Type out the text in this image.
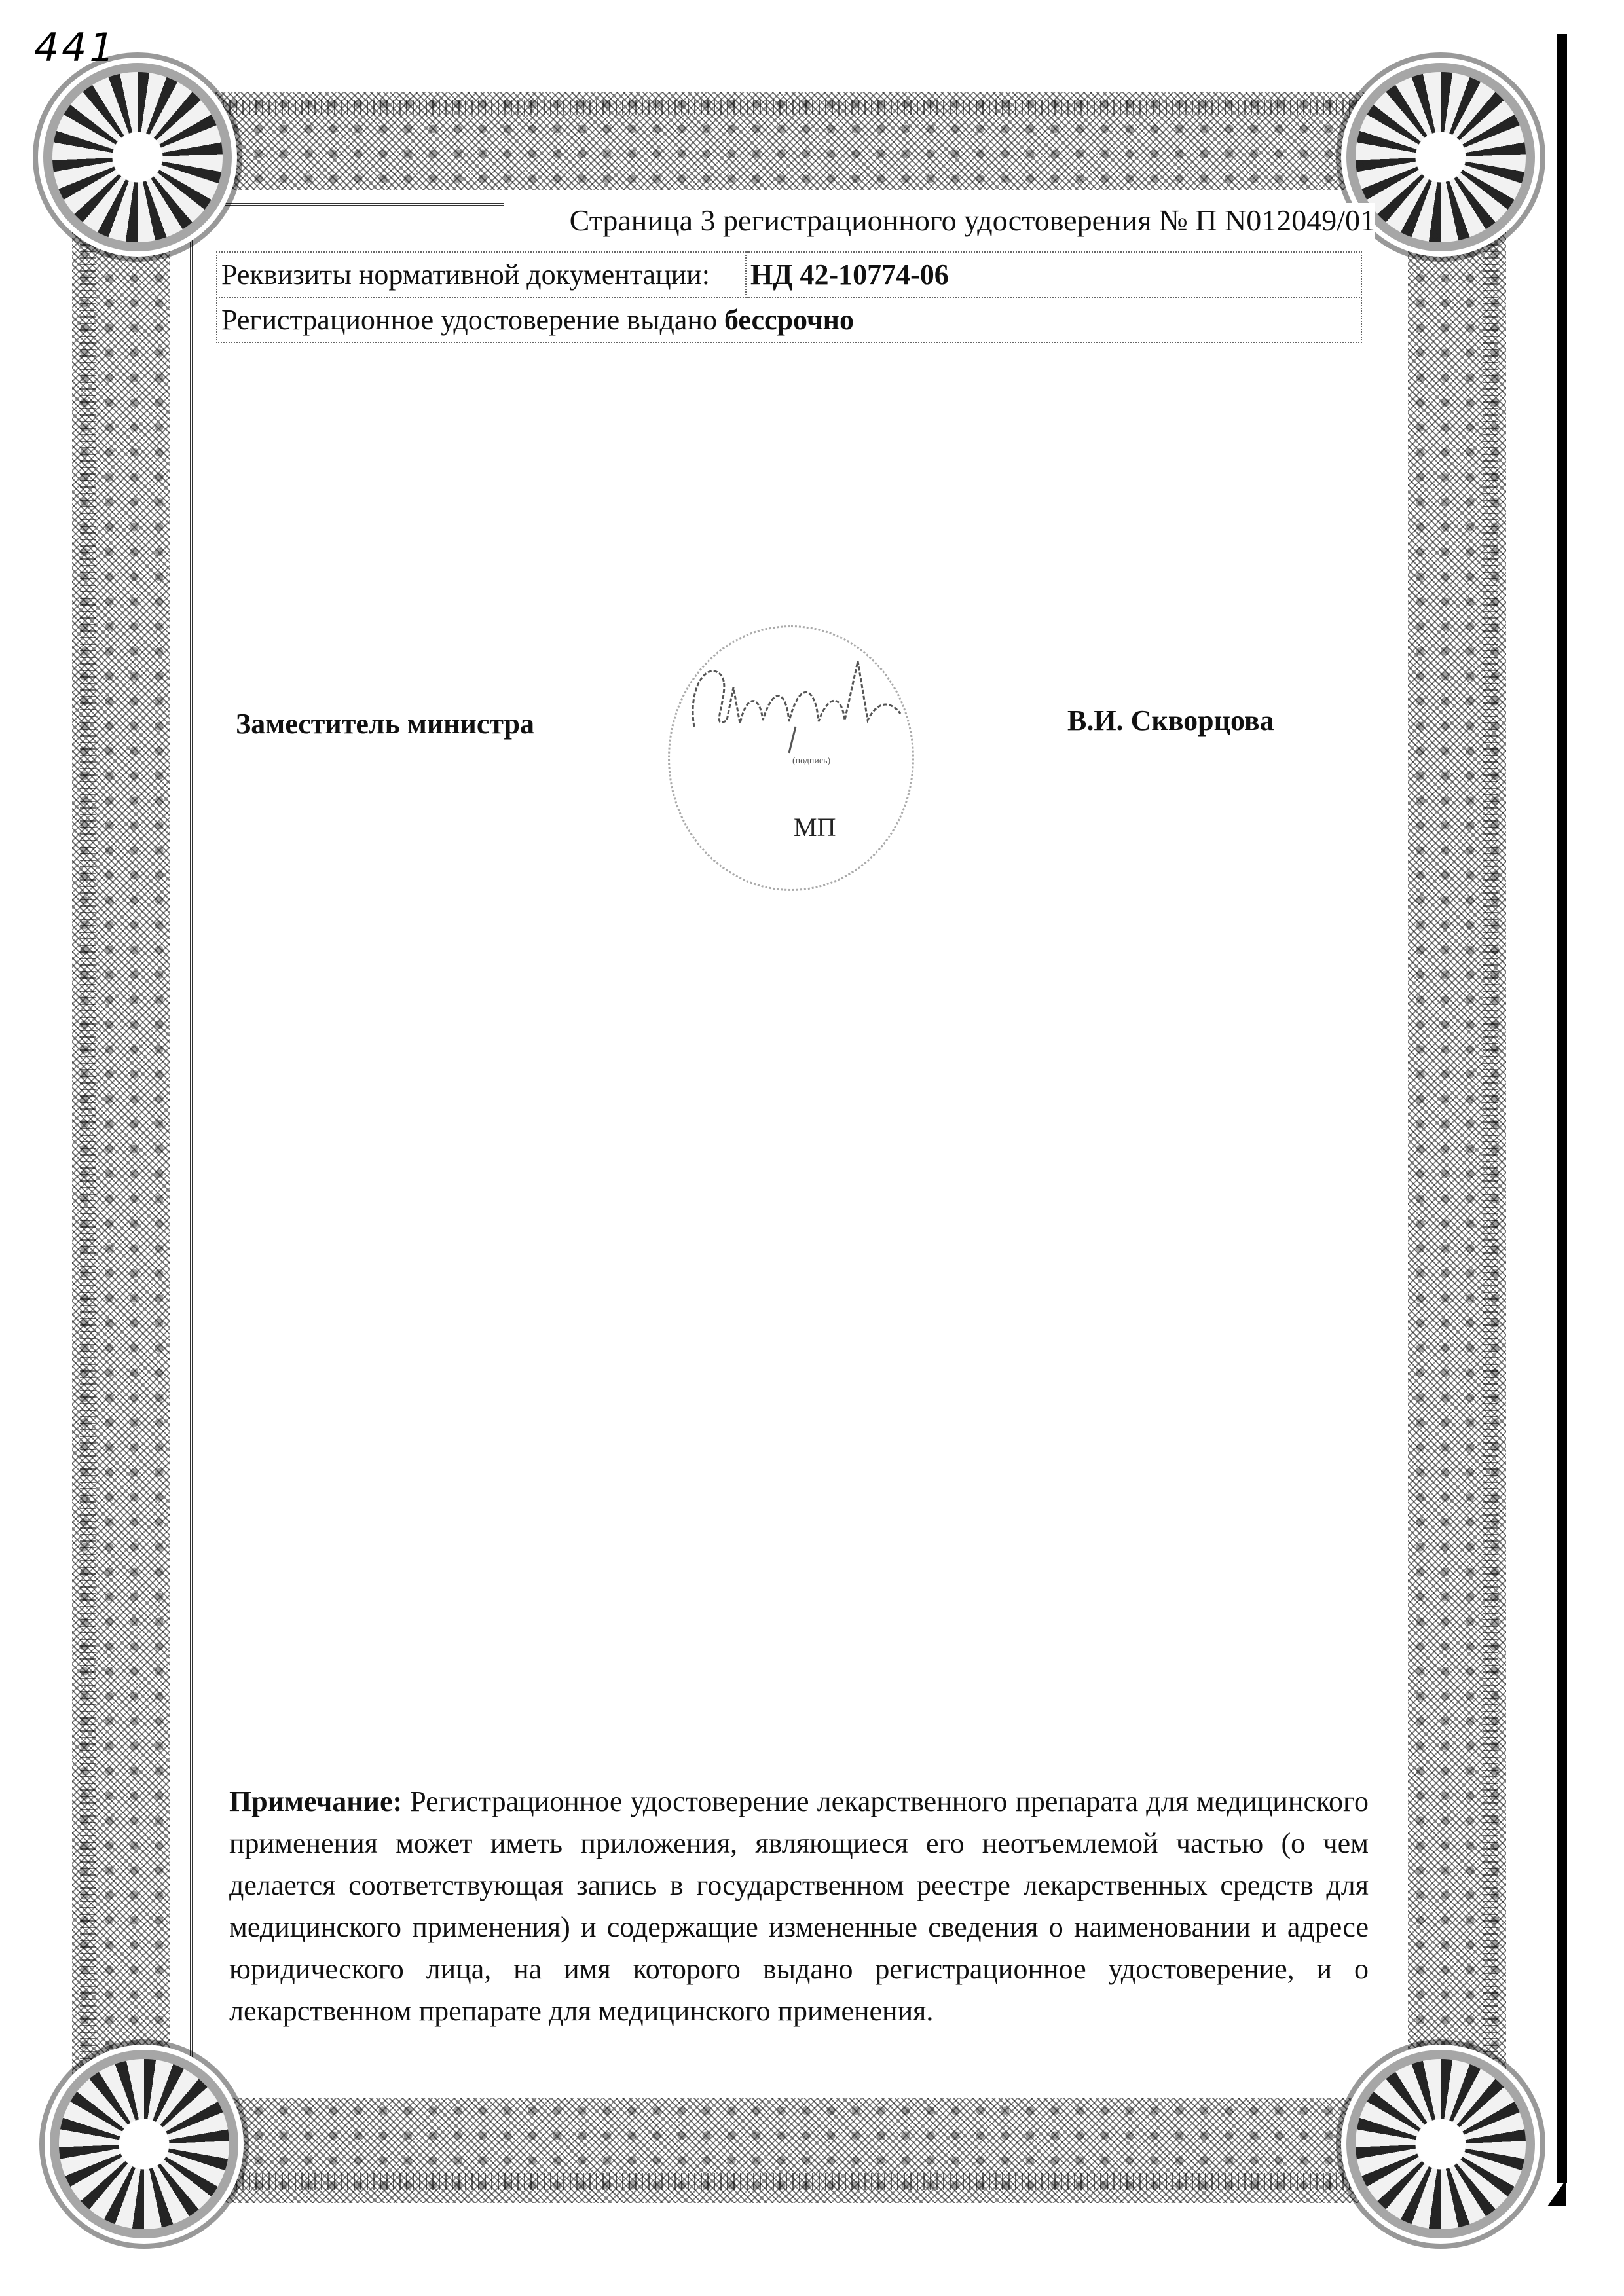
441
Страница 3 регистрационного удостоверения № П N012049/01
Реквизиты нормативной документации:	НД 42-10774-06
Регистрационное удостоверение выдано бессрочно
Заместитель министра
(подпись)
МП
В.И. Скворцова
Примечание: Регистрационное удостоверение лекарственного препарата для медицинского применения может иметь приложения, являющиеся его неотъемлемой частью (о чем делается соответствующая запись в государственном реестре лекарственных средств для медицинского применения) и содержащие измененные сведения о наименовании и адресе юридического лица, на имя которого выдано регистрационное удостоверение, и о лекарственном препарате для медицинского применения.
